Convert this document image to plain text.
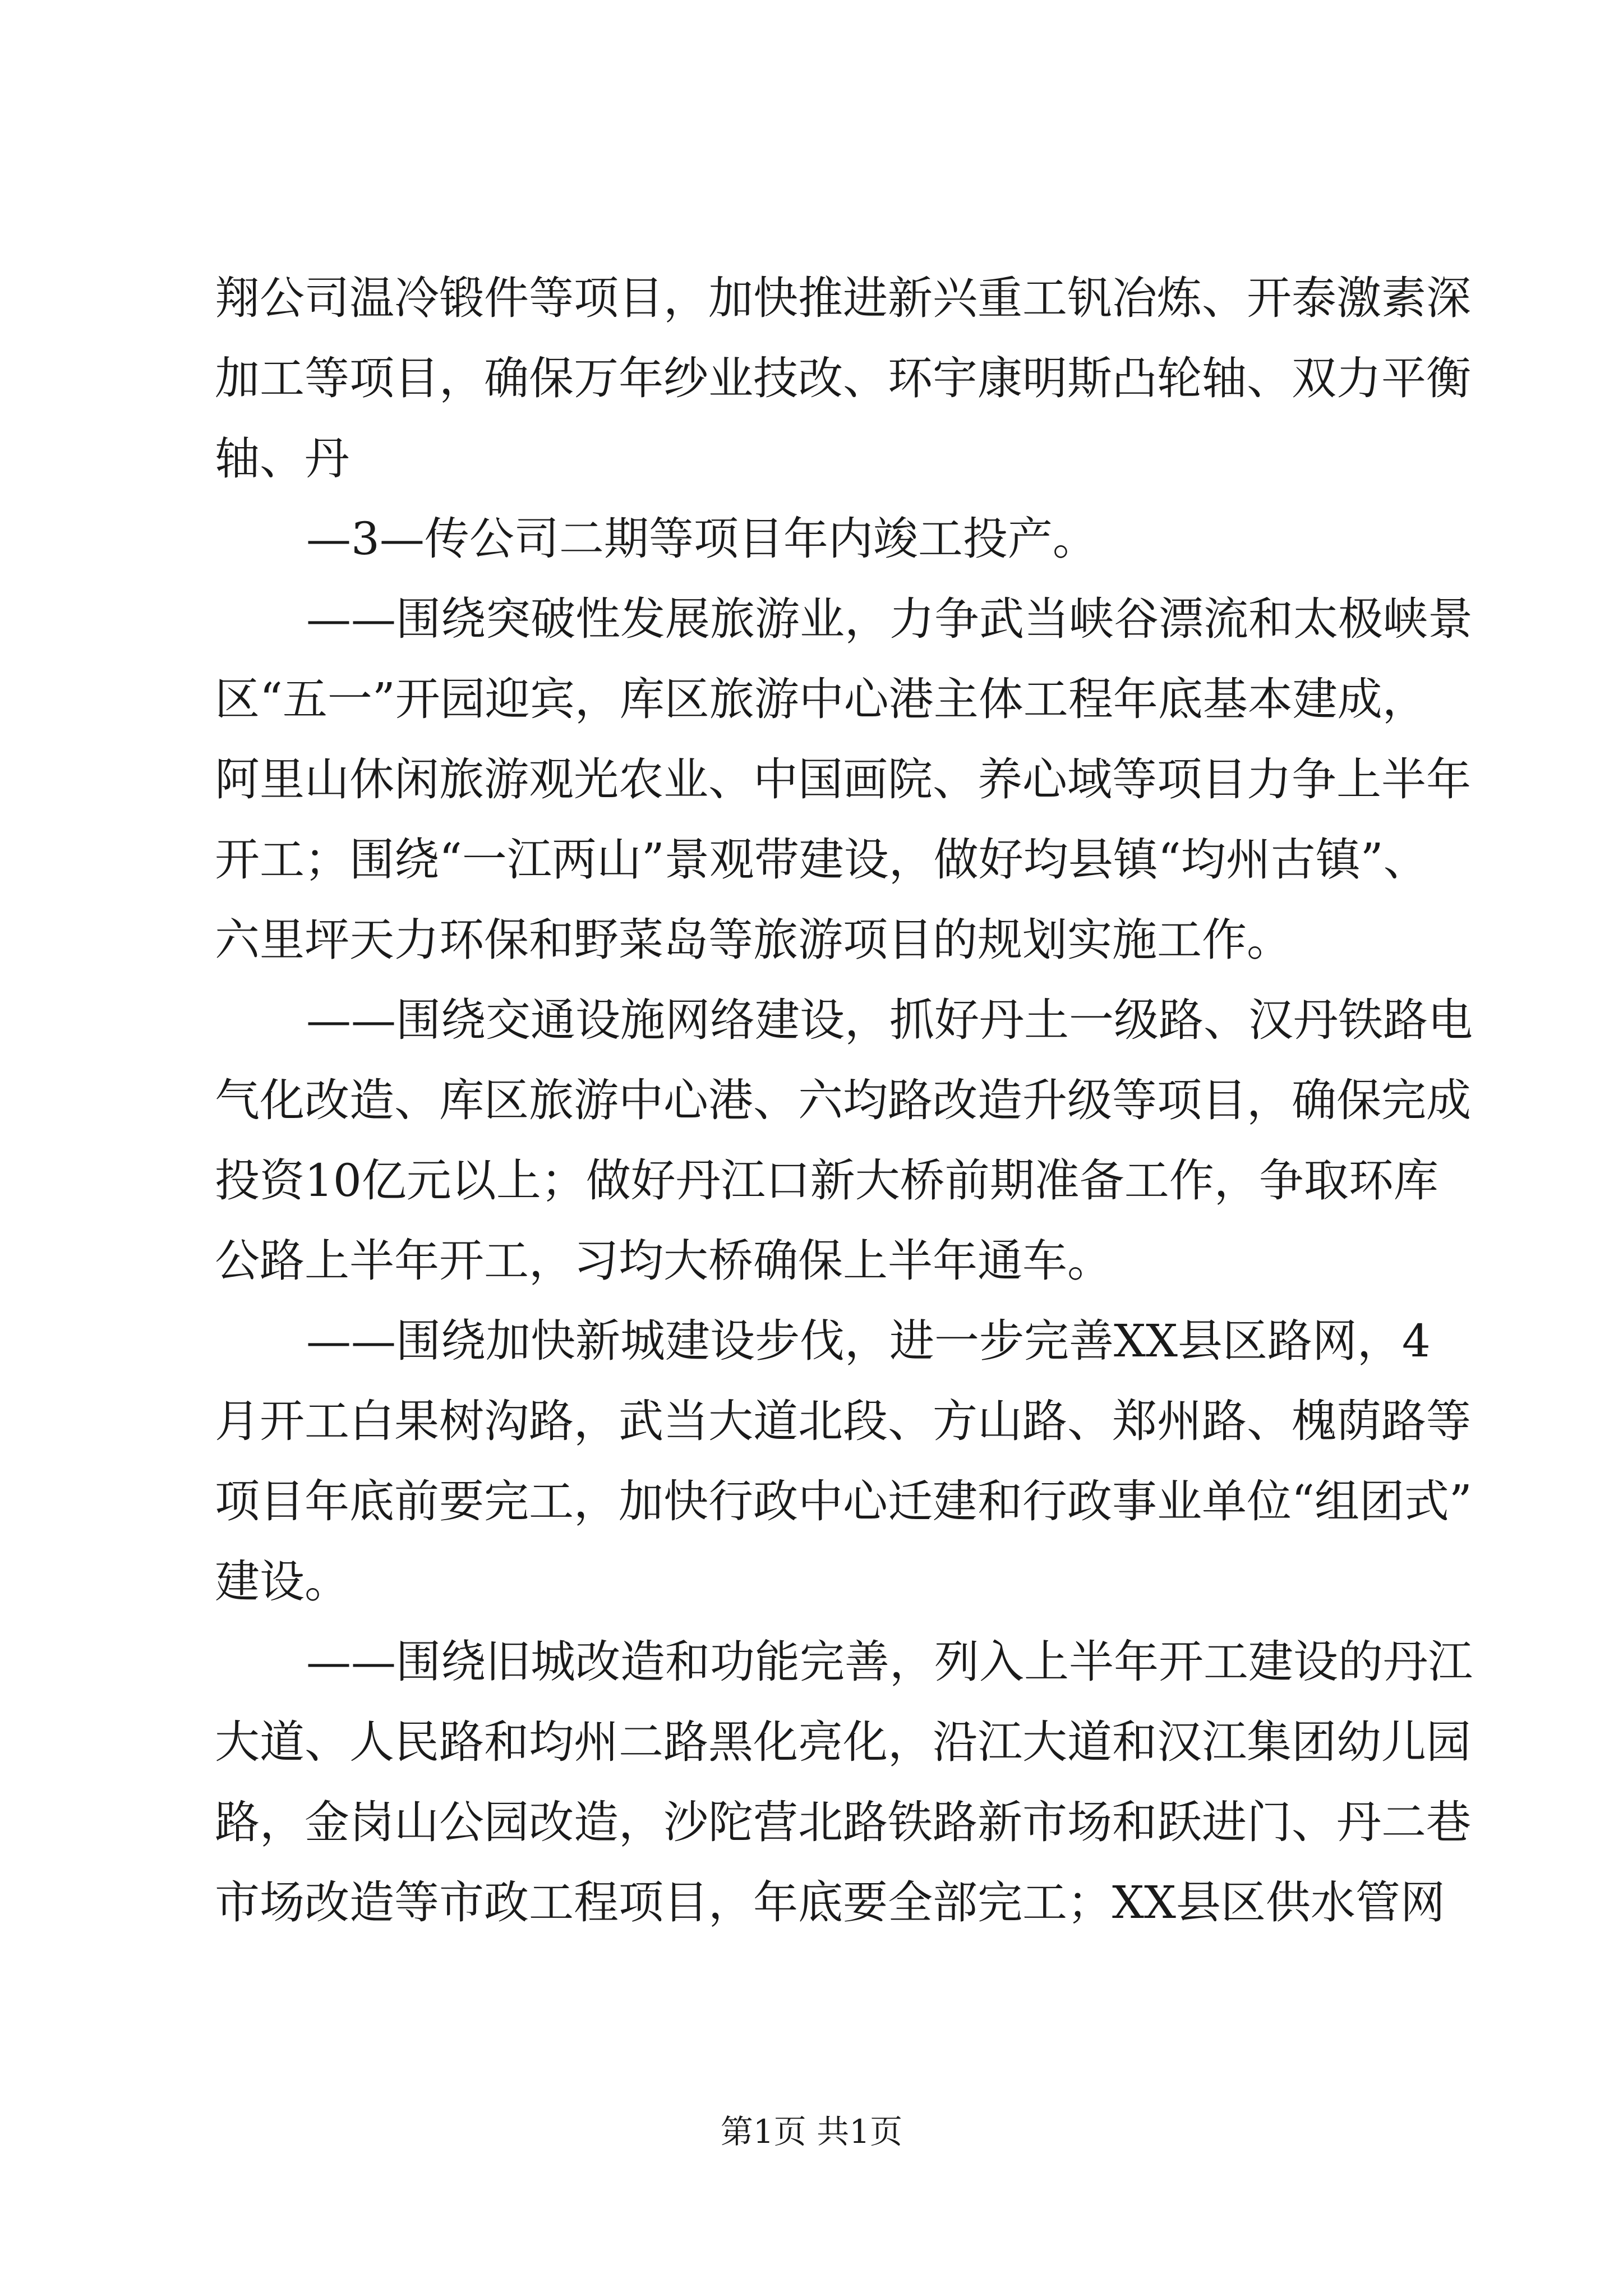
翔公司温冷锻件等项目，加快推进新兴重工钒冶炼、开泰激素深
加工等项目，确保万年纱业技改、环宇康明斯凸轮轴、双力平衡
轴、丹
—3—传公司二期等项目年内竣工投产。
——围绕突破性发展旅游业，力争武当峡谷漂流和太极峡景
区“五一”开园迎宾，库区旅游中心港主体工程年底基本建成，
阿里山休闲旅游观光农业、中国画院、养心域等项目力争上半年
开工；围绕“一江两山”景观带建设，做好均县镇“均州古镇”、
六里坪天力环保和野菜岛等旅游项目的规划实施工作。
——围绕交通设施网络建设，抓好丹土一级路、汉丹铁路电
气化改造、库区旅游中心港、六均路改造升级等项目，确保完成
投资10亿元以上；做好丹江口新大桥前期准备工作，争取环库
公路上半年开工，习均大桥确保上半年通车。
——围绕加快新城建设步伐，进一步完善XX县区路网，4
月开工白果树沟路，武当大道北段、方山路、郑州路、槐荫路等
项目年底前要完工，加快行政中心迁建和行政事业单位“组团式”
建设。
——围绕旧城改造和功能完善，列入上半年开工建设的丹江
大道、人民路和均州二路黑化亮化，沿江大道和汉江集团幼儿园
路，金岗山公园改造，沙陀营北路铁路新市场和跃进门、丹二巷
市场改造等市政工程项目，年底要全部完工；XX县区供水管网
第1页 共1页
